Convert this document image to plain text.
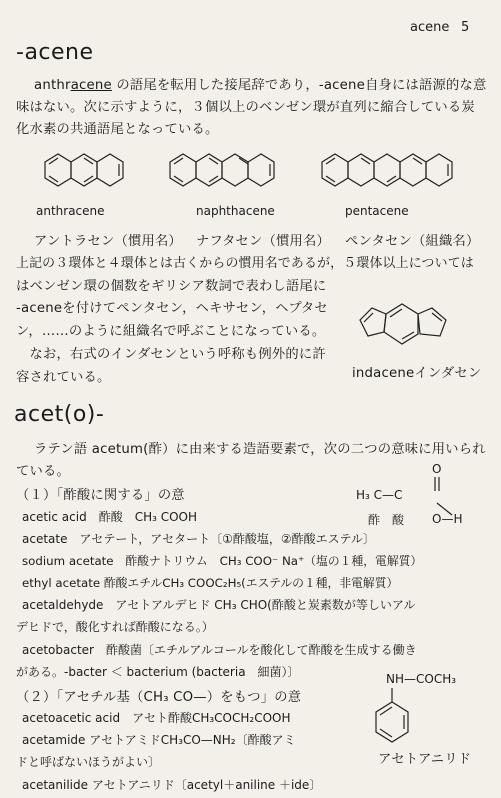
acene 5
-acene
anthracene の語尾を転用した接尾辞であり，-acene自身には語源的な意
味はない。次に示すように，３個以上のベンゼン環が直列に縮合している炭
化水素の共通語尾となっている。
anthracene	naphthacene	pentacene
アントラセン（慣用名） ナフタセン（慣用名） ペンタセン（組織名）
上記の３環体と４環体とは古くからの慣用名であるが，５環体以上については
はベンゼン環の個数をギリシア数詞で表わし語尾に
-aceneを付けてペンタセン，ヘキサセン，ヘプタセ
ン，……のように組織名で呼ぶことになっている。
　なお，右式のインダセンという呼称も例外的に許
容されている。	indaceneインダセン
acet(o)-
ラテン語 acetum(酢）に由来する造語要素で，次の二つの意味に用いられ
ている。
（１）「酢酸に関する」の意
O
H₃ C—C
O—H
酢　酸
acetic acid　酢酸　CH₃ COOH
acetate　アセテート，アセタート〔①酢酸塩，②酢酸エステル〕
sodium acetate　酢酸ナトリウム　CH₃ COO⁻ Na⁺（塩の１種，電解質）
ethyl acetate 酢酸エチルCH₃ COOC₂H₅(エステルの１種，非電解質）
acetaldehyde　アセトアルデヒド CH₃ CHO(酢酸と炭素数が等しいアル
デヒドで，酸化すれば酢酸になる。）
acetobacter　酢酸菌〔エチルアルコールを酸化して酢酸を生成する働き
がある。-bacter ＜ bacterium (bacteria　細菌）〕
（２）「アセチル基（CH₃ CO—）をもつ」の意
acetoacetic acid　アセト酢酸CH₃COCH₂COOH
acetamide アセトアミドCH₃CO—NH₂〔酢酸アミ
ドと呼ばないほうがよい〕
acetanilide アセトアニリド〔acetyl＋aniline ＋ide〕
NH—COCH₃
アセトアニリド
